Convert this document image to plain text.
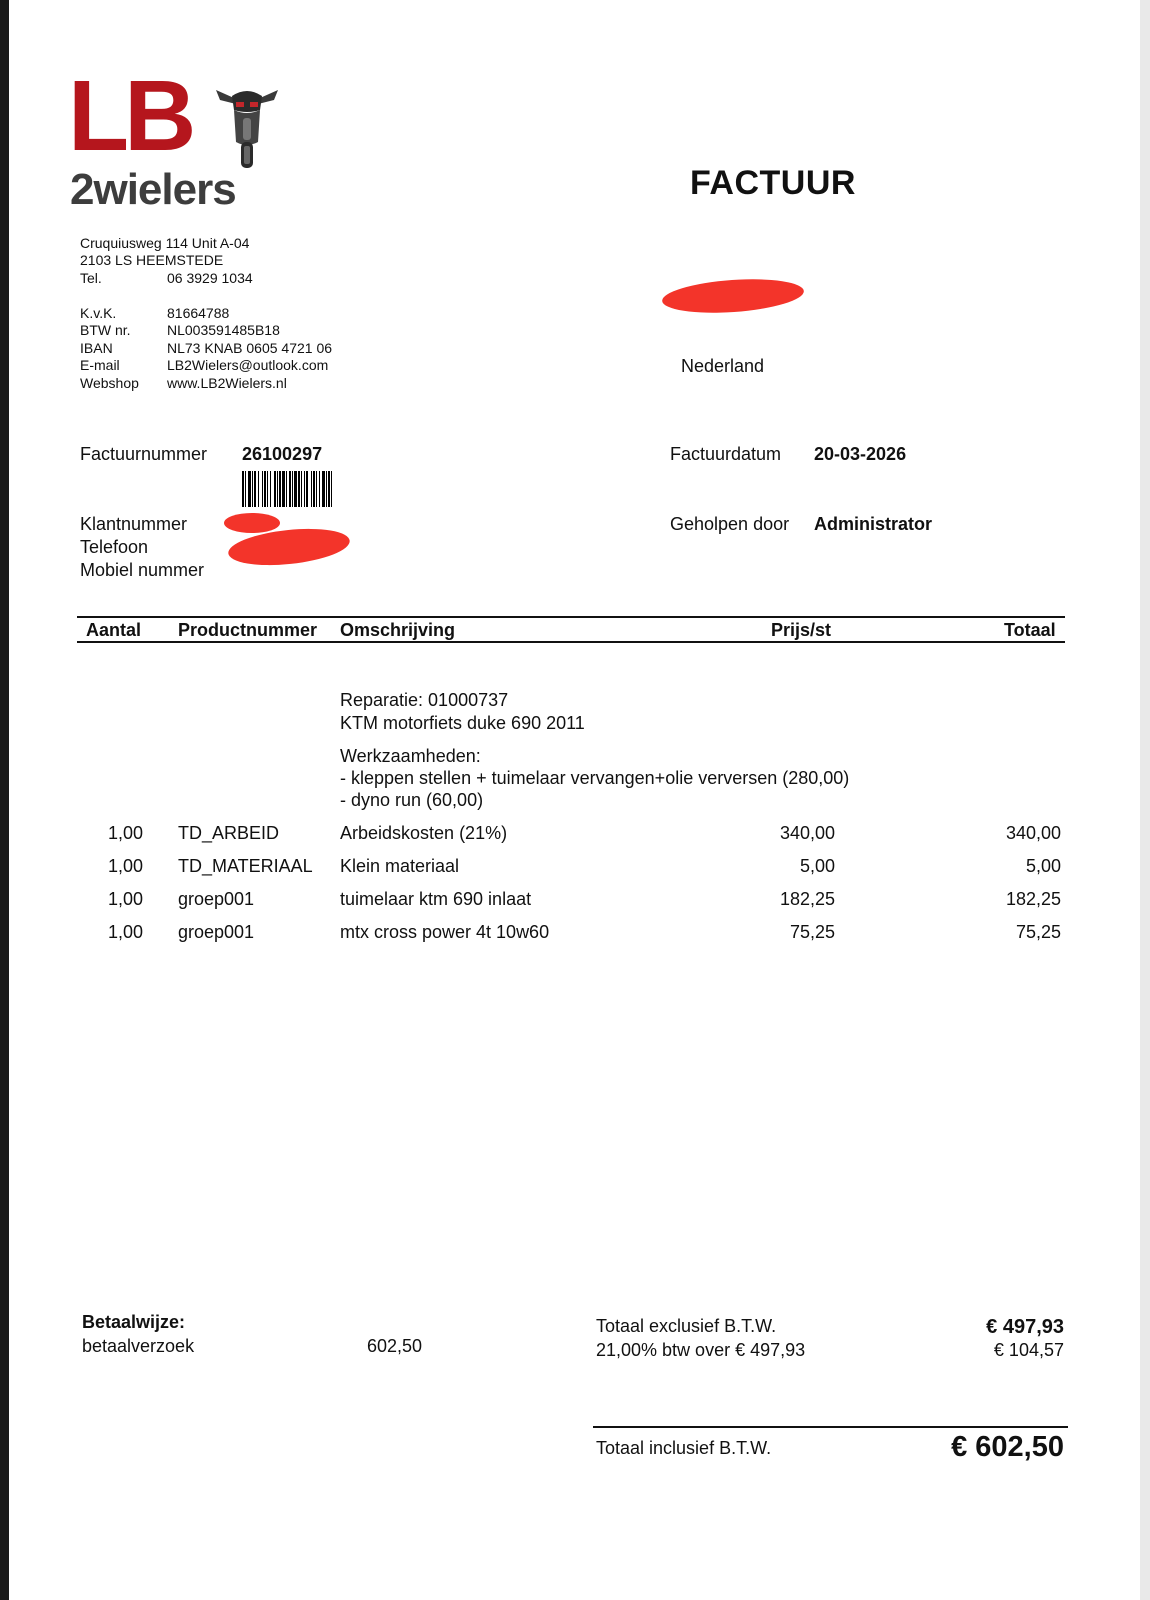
LB
2wielers	FACTUUR
Cruquiusweg 114 Unit A-04
2103 LS HEEMSTEDE
Tel.	06 3929 1034
K.v.K.	81664788
BTW nr.	NL003591485B18
IBAN	NL73 KNAB 0605 4721 06
E-mail	LB2Wielers@outlook.com
Webshop www.LB2Wielers.nl
Nederland
Factuurnummer 26100297	Factuurdatum 20-03-2026
Klantnummer
Telefoon
Mobiel nummer
Geholpen door Administrator
Aantal Productnummer Omschrijving	Prijs/st	Totaal
Reparatie: 01000737
KTM motorfiets duke 690 2011
Werkzaamheden:
- kleppen stellen + tuimelaar vervangen+olie verversen (280,00)
- dyno run (60,00)
1,00 TD_ARBEID	Arbeidskosten (21%)	340,00	340,00
1,00 TD_MATERIAAL Klein materiaal	5,00	5,00
1,00 groep001	tuimelaar ktm 690 inlaat	182,25	182,25
1,00 groep001	mtx cross power 4t 10w60	75,25	75,25
Betaalwijze:
betaalverzoek	602,50
Totaal exclusief B.T.W.	€ 497,93
21,00% btw over € 497,93	€ 104,57
Totaal inclusief B.T.W.	€ 602,50
